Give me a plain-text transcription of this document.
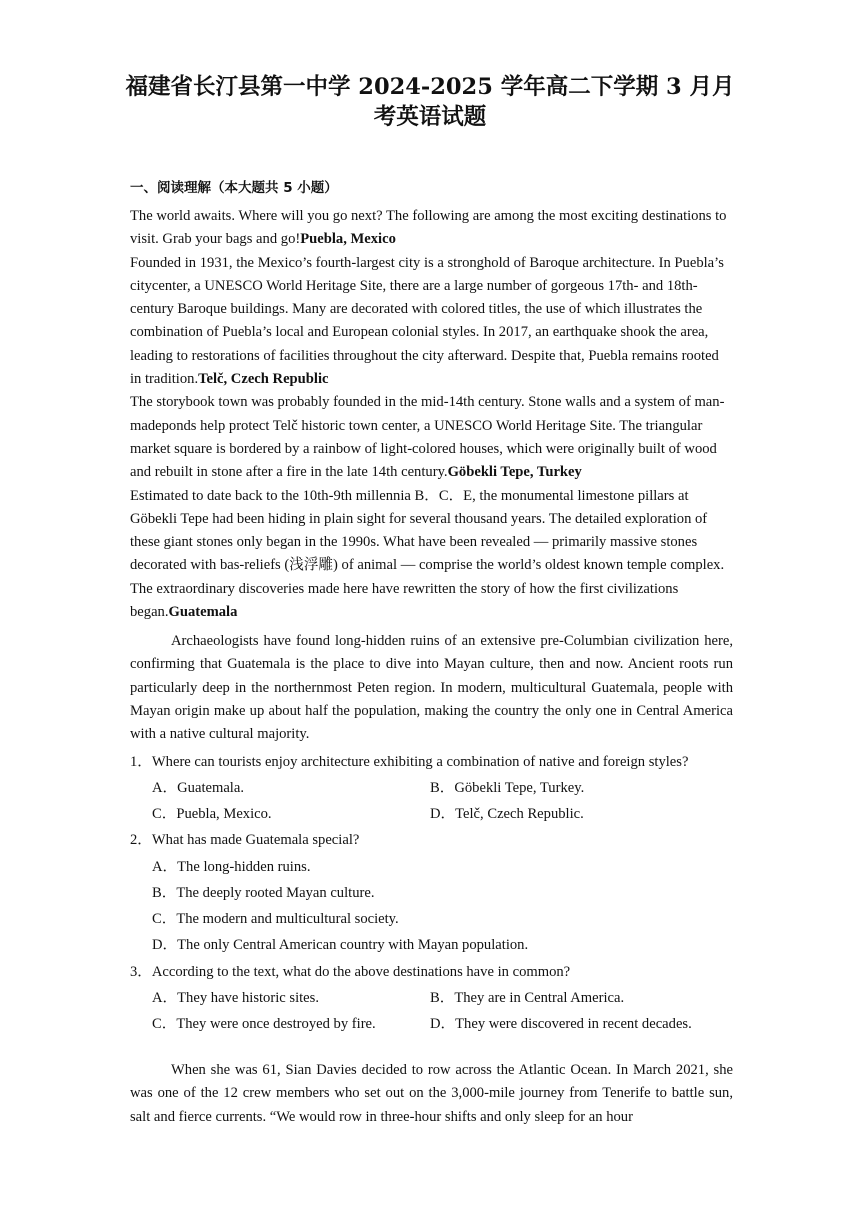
福建省长汀县第一中学 2024-2025 学年高二下学期 3 月月
考英语试题
一、阅读理解（本大题共 5 小题）

The world awaits. Where will you go next? The following are among the most exciting destinations to visit. Grab your bags and go!Puebla, Mexico
Founded in 1931, the Mexico’s fourth-largest city is a stronghold of Baroque architecture. In Puebla’s citycenter, a UNESCO World Heritage Site, there are a large number of gorgeous 17th- and 18th-century Baroque buildings. Many are decorated with colored titles, the use of which illustrates the combination of Puebla’s local and European colonial styles. In 2017, an earthquake shook the area, leading to restorations of facilities throughout the city afterward. Despite that, Puebla remains rooted in tradition.Telč, Czech Republic
The storybook town was probably founded in the mid-14th century. Stone walls and a system of man-madeponds help protect Telč historic town center, a UNESCO World Heritage Site. The triangular market square is bordered by a rainbow of light-colored houses, which were originally built of wood and rebuilt in stone after a fire in the late 14th century.Göbekli Tepe, Turkey
Estimated to date back to the 10th-9th millennia B．C．E, the monumental limestone pillars at Göbekli Tepe had been hiding in plain sight for several thousand years. The detailed exploration of these giant stones only began in the 1990s. What have been revealed — primarily massive stones decorated with bas-reliefs (浅浮雕) of animal — comprise the world’s oldest known temple complex. The extraordinary discoveries made here have rewritten the story of how the first civilizations began.Guatemala

Archaeologists have found long-hidden ruins of an extensive pre-Columbian civilization here, confirming that Guatemala is the place to dive into Mayan culture, then and now. Ancient roots run particularly deep in the northernmost Peten region. In modern, multicultural Guatemala, people with Mayan origin make up about half the population, making the country the only one in Central America with a native cultural majority.

1．Where can tourists enjoy architecture exhibiting a combination of native and foreign styles?
A．Guatemala.	B．Göbekli Tepe, Turkey.
C．Puebla, Mexico.	D．Telč, Czech Republic.
2．What has made Guatemala special?
A．The long-hidden ruins.
B．The deeply rooted Mayan culture.
C．The modern and multicultural society.
D．The only Central American country with Mayan population.
3．According to the text, what do the above destinations have in common?
A．They have historic sites.	B．They are in Central America.
C．They were once destroyed by fire.	D．They were discovered in recent decades.

When she was 61, Sian Davies decided to row across the Atlantic Ocean. In March 2021, she was one of the 12 crew members who set out on the 3,000-mile journey from Tenerife to battle sun, salt and fierce currents. “We would row in three-hour shifts and only sleep for an hour
